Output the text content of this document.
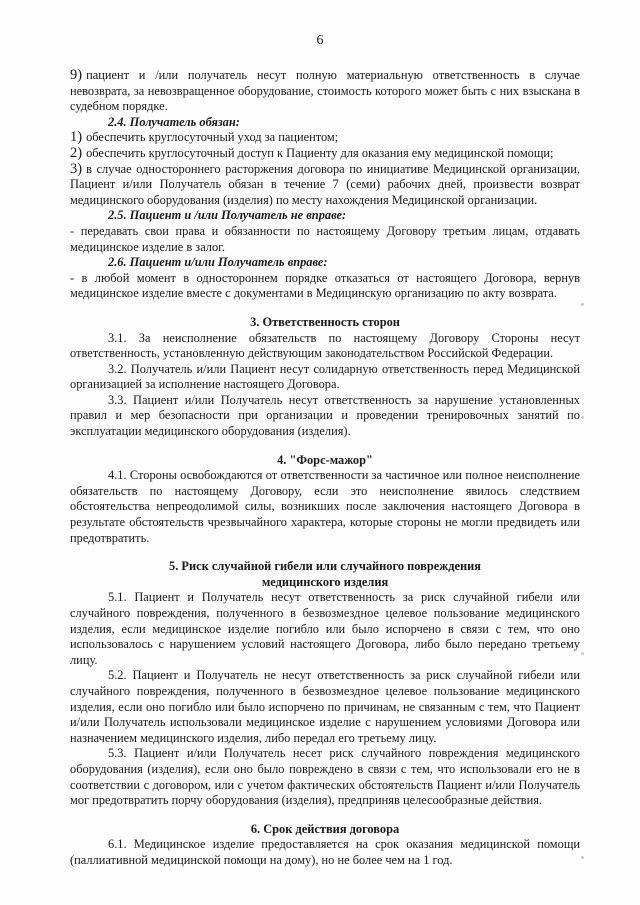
6

9) пациент и /или получатель несут полную материальную ответственность в случае невозврата, за невозвращенное оборудование, стоимость которого может быть с них взыскана в судебном порядке.

2.4. Получатель обязан:

1) обеспечить круглосуточный уход за пациентом;

2) обеспечить круглосуточный доступ к Пациенту для оказания ему медицинской помощи;

3) в случае одностороннего расторжения договора по инициативе Медицинской организации, Пациент и/или Получатель обязан в течение 7 (семи) рабочих дней, произвести возврат медицинского оборудования (изделия) по месту нахождения Медицинской организации.

2.5. Пациент и /или Получатель не вправе:

- передавать свои права и обязанности по настоящему Договору третьим лицам, отдавать медицинское изделие в залог.

2.6. Пациент и/или Получатель вправе:

- в любой момент в одностороннем порядке отказаться от настоящего Договора, вернув медицинское изделие вместе с документами в Медицинскую организацию по акту возврата.

3. Ответственность сторон

3.1. За неисполнение обязательств по настоящему Договору Стороны несут ответственность, установленную действующим законодательством Российской Федерации.

3.2. Получатель и/или Пациент несут солидарную ответственность перед Медицинской организацией за исполнение настоящего Договора.

3.3. Пациент и/или Получатель несут ответственность за нарушение установленных правил и мер безопасности при организации и проведении тренировочных занятий по эксплуатации медицинского оборудования (изделия).

4. "Форс-мажор"

4.1. Стороны освобождаются от ответственности за частичное или полное неисполнение обязательств по настоящему Договору, если это неисполнение явилось следствием обстоятельства непреодолимой силы, возникших после заключения настоящего Договора в результате обстоятельств чрезвычайного характера, которые стороны не могли предвидеть или предотвратить.

5. Риск случайной гибели или случайного повреждения

медицинского изделия

5.1. Пациент и Получатель несут ответственность за риск случайной гибели или случайного повреждения, полученного в безвозмездное целевое пользование медицинского изделия, если медицинское изделие погибло или было испорчено в связи с тем, что оно использовалось с нарушением условий настоящего Договора, либо было передано третьему лицу.

5.2. Пациент и Получатель не несут ответственность за риск случайной гибели или случайного повреждения, полученного в безвозмездное целевое пользование медицинского изделия, если оно погибло или было испорчено по причинам, не связанным с тем, что Пациент и/или Получатель использовали медицинское изделие с нарушением условиями Договора или назначением медицинского изделия, либо передал его третьему лицу.

5.3. Пациент и/или Получатель несет риск случайного повреждения медицинского оборудования (изделия), если оно было повреждено в связи с тем, что использовали его не в соответствии с договором, или с учетом фактических обстоятельств Пациент и/или Получатель мог предотвратить порчу оборудования (изделия), предприняв целесообразные действия.

6. Срок действия договора

6.1. Медицинское изделие предоставляется на срок оказания медицинской помощи (паллиативной медицинской помощи на дому), но не более чем на 1 год.
